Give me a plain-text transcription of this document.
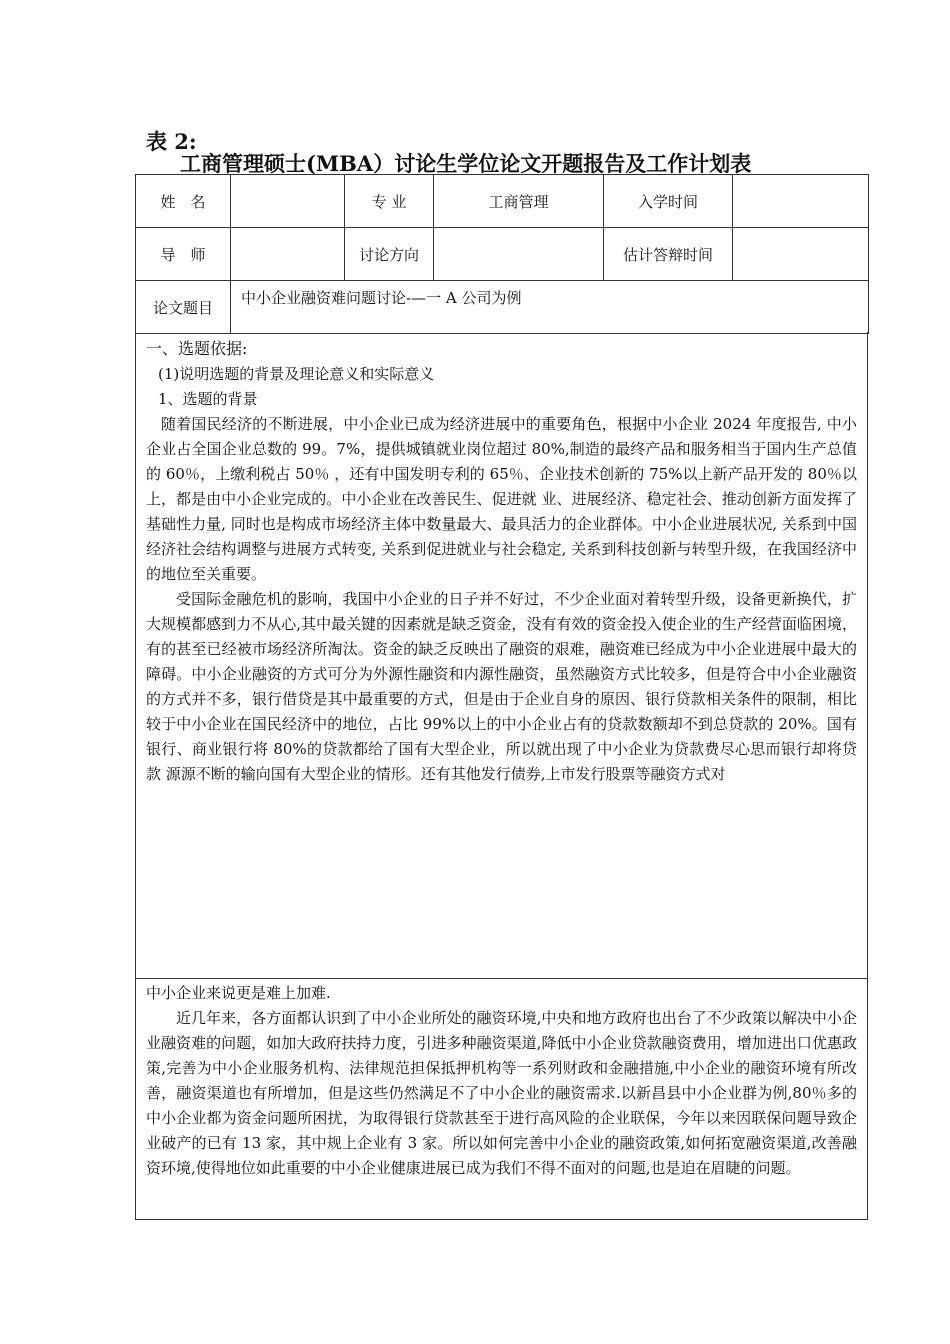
表 2:
工商管理硕士(MBA）讨论生学位论文开题报告及工作计划表
姓　名		专 业	工商管理	入学时间	
导　师		讨论方向		估计答辩时间	
论文题目	中小企业融资难问题讨论-—一 A 公司为例				
一、选题依据:
(1)说明选题的背景及理论意义和实际意义
1、选题的背景

随着国民经济的不断进展，中小企业已成为经济进展中的重要角色，根据中小企业 2024 年度报告, 中小企业占全国企业总数的 99。7%，提供城镇就业岗位超过 80%,制造的最终产品和服务相当于国内生产总值的 60％，上缴利税占 50％ ，还有中国发明专利的 65％、企业技术创新的 75%以上新产品开发的 80％以上，都是由中小企业完成的。中小企业在改善民生、促进就 业、进展经济、稳定社会、推动创新方面发挥了基础性力量, 同时也是构成市场经济主体中数量最大、最具活力的企业群体。中小企业进展状况, 关系到中国经济社会结构调整与进展方式转变, 关系到促进就业与社会稳定, 关系到科技创新与转型升级，在我国经济中的地位至关重要。

受国际金融危机的影响，我国中小企业的日子并不好过，不少企业面对着转型升级，设备更新换代，扩大规模都感到力不从心,其中最关键的因素就是缺乏资金，没有有效的资金投入使企业的生产经营面临困境，有的甚至已经被市场经济所淘汰。资金的缺乏反映出了融资的艰难，融资难已经成为中小企业进展中最大的障碍。中小企业融资的方式可分为外源性融资和内源性融资，虽然融资方式比较多，但是符合中小企业融资的方式并不多，银行借贷是其中最重要的方式，但是由于企业自身的原因、银行贷款相关条件的限制，相比较于中小企业在国民经济中的地位，占比 99%以上的中小企业占有的贷款数额却不到总贷款的 20%。国有银行、商业银行将 80%的贷款都给了国有大型企业，所以就出现了中小企业为贷款费尽心思而银行却将贷款 源源不断的输向国有大型企业的情形。还有其他发行债券,上市发行股票等融资方式对

中小企业来说更是难上加难.

近几年来，各方面都认识到了中小企业所处的融资环境,中央和地方政府也出台了不少政策以解决中小企业融资难的问题，如加大政府扶持力度，引进多种融资渠道,降低中小企业贷款融资费用，增加进出口优惠政策,完善为中小企业服务机构、法律规范担保抵押机构等一系列财政和金融措施,中小企业的融资环境有所改善，融资渠道也有所增加，但是这些仍然满足不了中小企业的融资需求.以新昌县中小企业群为例,80％多的中小企业都为资金问题所困扰，为取得银行贷款甚至于进行高风险的企业联保，今年以来因联保问题导致企业破产的已有 13 家，其中规上企业有 3 家。所以如何完善中小企业的融资政策,如何拓宽融资渠道,改善融资环境,使得地位如此重要的中小企业健康进展已成为我们不得不面对的问题,也是迫在眉睫的问题。
